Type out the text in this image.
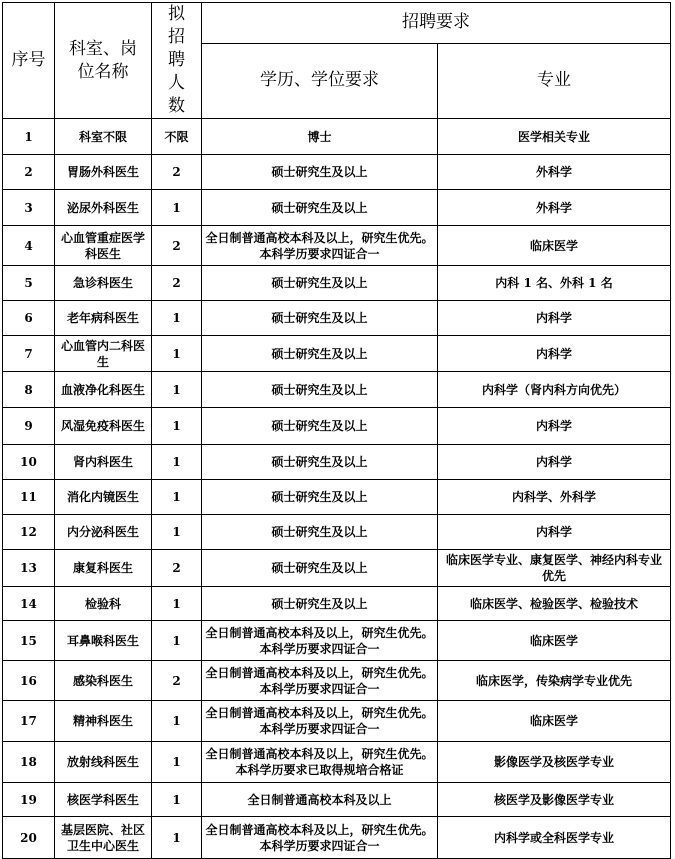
序号	科室、岗位名称	拟招聘人数	招聘要求	
			学历、学位要求	专业
1	科室不限	不限	博士	医学相关专业
2	胃肠外科医生	2	硕士研究生及以上	外科学
3	泌尿外科医生	1	硕士研究生及以上	外科学
4	心血管重症医学科医生	2	全日制普通高校本科及以上，研究生优先。本科学历要求四证合一	临床医学
5	急诊科医生	2	硕士研究生及以上	内科 1 名、外科 1 名
6	老年病科医生	1	硕士研究生及以上	内科学
7	心血管内二科医生	1	硕士研究生及以上	内科学
8	血液净化科医生	1	硕士研究生及以上	内科学（肾内科方向优先）
9	风湿免疫科医生	1	硕士研究生及以上	内科学
10	肾内科医生	1	硕士研究生及以上	内科学
11	消化内镜医生	1	硕士研究生及以上	内科学、外科学
12	内分泌科医生	1	硕士研究生及以上	内科学
13	康复科医生	2	硕士研究生及以上	临床医学专业、康复医学、神经内科专业优先
14	检验科	1	硕士研究生及以上	临床医学、检验医学、检验技术
15	耳鼻喉科医生	1	全日制普通高校本科及以上，研究生优先。本科学历要求四证合一	临床医学
16	感染科医生	2	全日制普通高校本科及以上，研究生优先。本科学历要求四证合一	临床医学，传染病学专业优先
17	精神科医生	1	全日制普通高校本科及以上，研究生优先。本科学历要求四证合一	临床医学
18	放射线科医生	1	全日制普通高校本科及以上，研究生优先。本科学历要求已取得规培合格证	影像医学及核医学专业
19	核医学科医生	1	全日制普通高校本科及以上	核医学及影像医学专业
20	基层医院、社区卫生中心医生	1	全日制普通高校本科及以上，研究生优先。本科学历要求四证合一	内科学或全科医学专业
